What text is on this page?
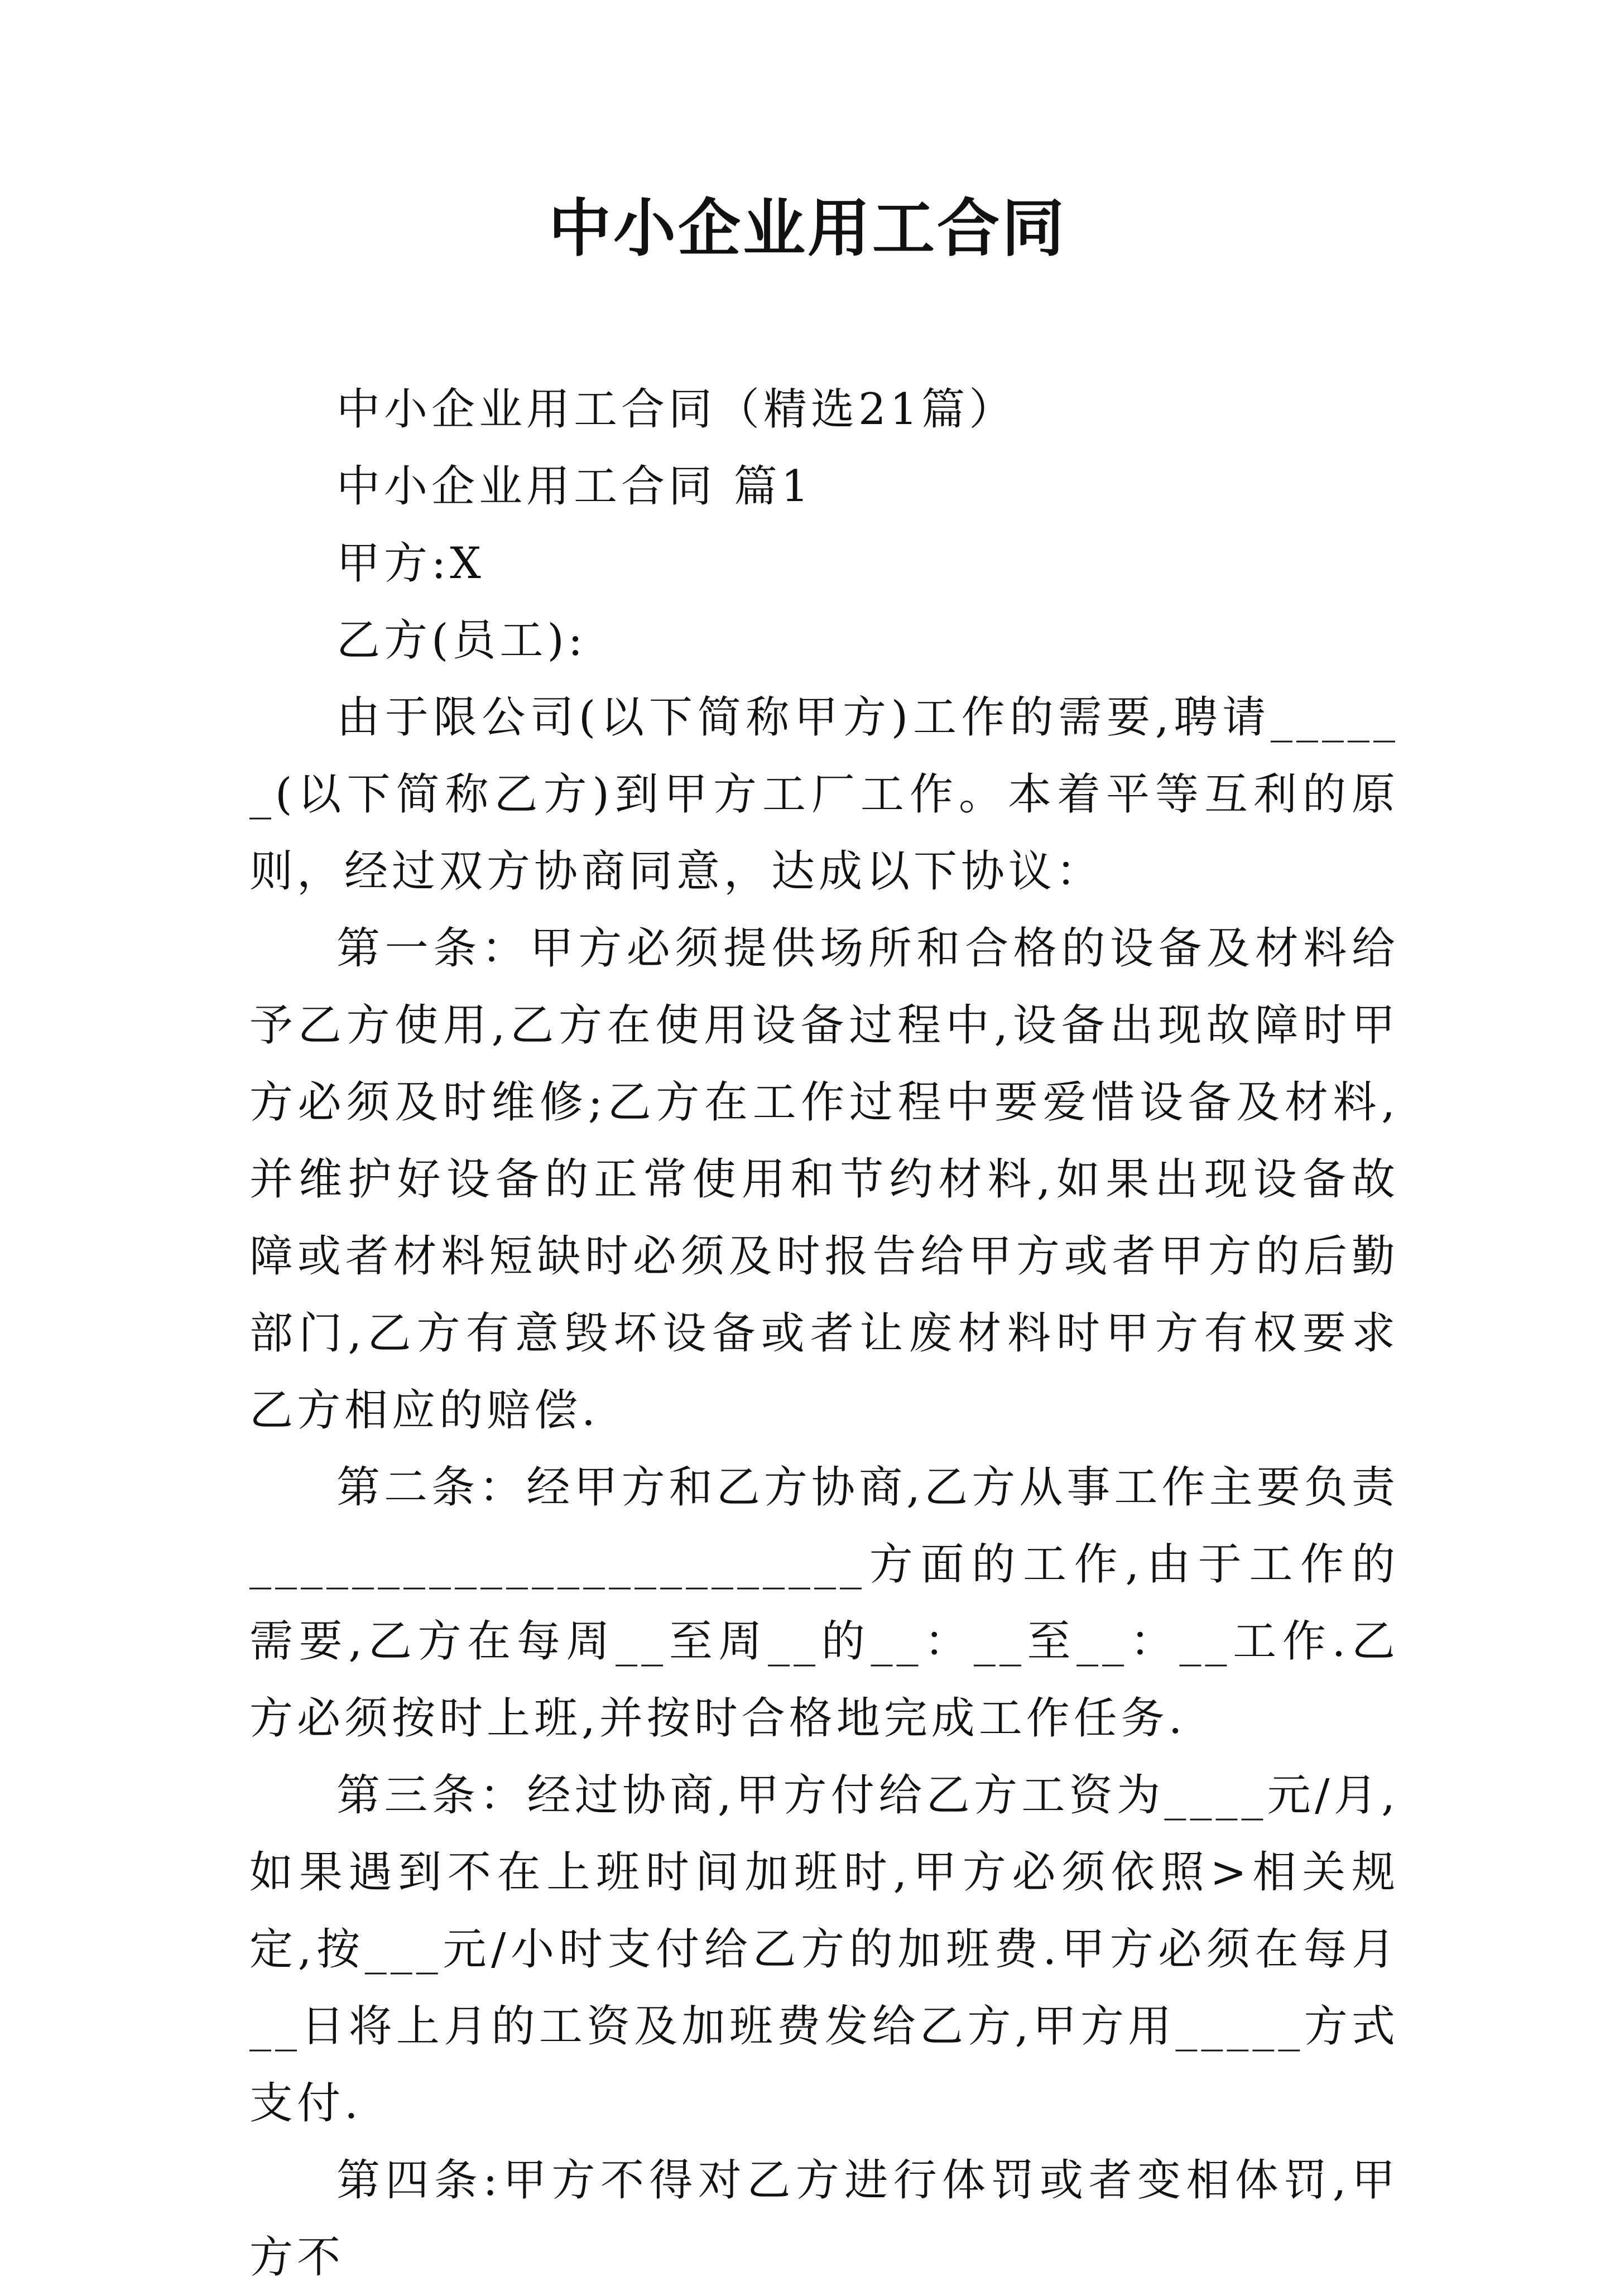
中小企业用工合同

中小企业用工合同（精选21篇）

中小企业用工合同 篇1

甲方:X

乙方(员工):

由于限公司(以下简称甲方)工作的需要,聘请______(以下简称乙方)到甲方工厂工作。本着平等互利的原则，经过双方协商同意，达成以下协议：

第一条：甲方必须提供场所和合格的设备及材料给予乙方使用,乙方在使用设备过程中,设备出现故障时甲方必须及时维修;乙方在工作过程中要爱惜设备及材料,并维护好设备的正常使用和节约材料,如果出现设备故障或者材料短缺时必须及时报告给甲方或者甲方的后勤部门,乙方有意毁坏设备或者让废材料时甲方有权要求乙方相应的赔偿.

第二条：经甲方和乙方协商,乙方从事工作主要负责________________________方面的工作,由于工作的需要,乙方在每周__至周__的__：__至__：__工作.乙方必须按时上班,并按时合格地完成工作任务.

第三条：经过协商,甲方付给乙方工资为____元/月,如果遇到不在上班时间加班时,甲方必须依照>相关规定,按___元/小时支付给乙方的加班费.甲方必须在每月__日将上月的工资及加班费发给乙方,甲方用_____方式支付.

第四条:甲方不得对乙方进行体罚或者变相体罚,甲方不
